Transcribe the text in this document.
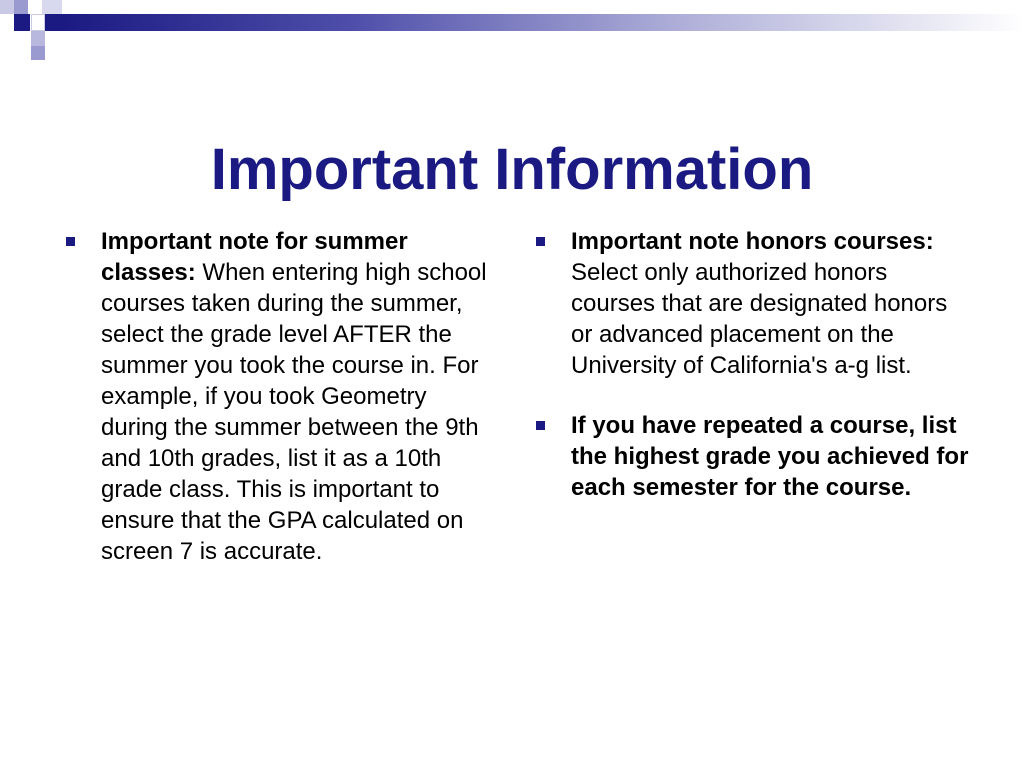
Important Information
Important note for summer classes: When entering high school courses taken during the summer, select the grade level AFTER the summer you took the course in. For example, if you took Geometry during the summer between the 9th and 10th grades, list it as a 10th grade class. This is important to ensure that the GPA calculated on screen 7 is accurate.
Important note honors courses: Select only authorized honors courses that are designated honors or advanced placement on the University of California's a-g list.
If you have repeated a course, list the highest grade you achieved for each semester for the course.
